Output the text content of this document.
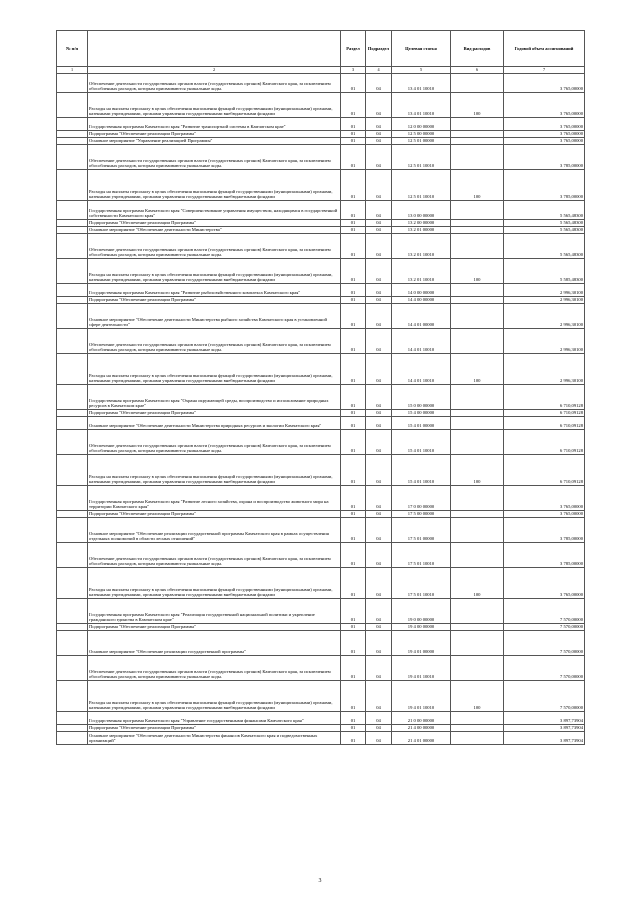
№ п/п		Раздел	Подраздел	Целевая статья	Вид расходов	Годовой объем ассигнований
1	2	3	4	5	6	7
	Обеспечение деятельности государственных органов власти (государственных органов) Камчатского края, за исключением обособленных расходов, которым присваиваются уникальные коды.	01	04	13 4 01 10010		3 765,00000
	Расходы на выплаты персоналу в целях обеспечения выполнения функций государственными (муниципальными) органами, казенными учреждениями, органами управления государственными внебюджетными фондами	01	04	13 4 01 10010	100	3 765,00000
	Государственная программа Камчатского края "Развитие транспортной системы в Камчатском крае"	01	04	12 0 00 00000		3 765,00000
	Подпрограмма "Обеспечение реализации Программы"	01	04	12 5 00 00000		3 765,00000
	Основное мероприятие "Управление реализацией Программы"	01	04	12 5 01 00000		3 765,00000
	Обеспечение деятельности государственных органов власти (государственных органов) Камчатского края, за исключением обособленных расходов, которым присваиваются уникальные коды.	01	04	12 5 01 10010		3 785,00000
	Расходы на выплаты персоналу в целях обеспечения выполнения функций государственными (муниципальными) органами, казенными учреждениями, органами управления государственными внебюджетными фондами	01	04	12 5 01 10010	100	3 785,00000
	Государственная программа Камчатского края "Совершенствование управления имуществом, находящимся в государственной собственности Камчатского края"	01	04	13 0 00 00000		5 565,48300
	Подпрограмма "Обеспечение реализации Программы"	01	04	13 2 00 00000		5 565,48300
	Основное мероприятие "Обеспечение деятельности Министерства"	01	04	13 2 01 00000		5 565,48300
	Обеспечение деятельности государственных органов власти (государственных органов) Камчатского края, за исключением обособленных расходов, которым присваиваются уникальные коды.	01	04	13 2 01 10010		5 565,48300
	Расходы на выплаты персоналу в целях обеспечения выполнения функций государственными (муниципальными) органами, казенными учреждениями, органами управления государственными внебюджетными фондами	01	04	13 2 01 10010	100	5 585,48300
	Государственная программа Камчатского края "Развитие рыбохозяйственного комплекса Камчатского края"	01	04	14 0 00 00000		2 996,30100
	Подпрограмма "Обеспечение реализации Программы"	01	04	14 4 00 00000		2 996,30100
	Основное мероприятие "Обеспечение деятельности Министерства рыбного хозяйства Камчатского края в установленной сфере деятельности"	01	04	14 4 01 00000		2 996,30100
	Обеспечение деятельности государственных органов власти (государственных органов) Камчатского края, за исключением обособленных расходов, которым присваиваются уникальные коды.	01	04	14 4 01 10010		2 996,30100
	Расходы на выплаты персоналу в целях обеспечения выполнения функций государственными (муниципальными) органами, казенными учреждениями, органами управления государственными внебюджетными фондами	01	04	14 4 01 10010	100	2 996,30100
	Государственная программа Камчатского края "Охрана окружающей среды, воспроизводство и использование природных ресурсов в Камчатском крае"	01	04	15 0 00 00000		6 710,09128
	Подпрограмма "Обеспечение реализации Программы"	01	04	15 4 00 00000		6 710,09128
	Основное мероприятие "Обеспечение деятельности Министерства природных ресурсов и экологии Камчатского края"	01	04	15 4 01 00000		6 710,09128
	Обеспечение деятельности государственных органов власти (государственных органов) Камчатского края, за исключением обособленных расходов, которым присваиваются уникальные коды.	01	04	15 4 01 10010		6 710,09128
	Расходы на выплаты персоналу в целях обеспечения выполнения функций государственными (муниципальными) органами, казенными учреждениями, органами управления государственными внебюджетными фондами	01	04	15 4 01 10010	100	6 710,09128
	Государственная программа Камчатского края "Развитие лесного хозяйства, охрана и воспроизводство животного мира на территории Камчатского края"	01	04	17 0 00 00000		3 765,00000
	Подпрограмма "Обеспечение реализации Программы"	01	04	17 5 00 00000		3 765,00000
	Основное мероприятие "Обеспечение реализации государственной программы Камчатского края в рамках осуществления отдельных полномочий в области лесных отношений"	01	04	17 5 01 00000		3 785,00000
	Обеспечение деятельности государственных органов власти (государственных органов) Камчатского края, за исключением обособленных расходов, которым присваиваются уникальные коды.	01	04	17 5 01 10010		3 785,00000
	Расходы на выплаты персоналу в целях обеспечения выполнения функций государственными (муниципальными) органами, казенными учреждениями, органами управления государственными внебюджетными фондами	01	04	17 5 01 10010	100	3 765,00000
	Государственная программа Камчатского края "Реализация государственной национальной политики и укрепление гражданского единства в Камчатском крае"	01	04	19 0 00 00000		7 570,00000
	Подпрограмма "Обеспечение реализации Программы"	01	04	19 4 00 00000		7 570,00000
	Основное мероприятие "Обеспечение реализации государственной программы"	01	04	19 4 01 00000		7 570,00000
	Обеспечение деятельности государственных органов власти (государственных органов) Камчатского края, за исключением обособленных расходов, которым присваиваются уникальные коды.	01	04	19 4 01 10010		7 570,00000
	Расходы на выплаты персоналу в целях обеспечения выполнения функций государственными (муниципальными) органами, казенными учреждениями, органами управления государственными внебюджетными фондами	01	04	19 4 01 10010	100	7 570,00000
	Государственная программа Камчатского края "Управление государственными финансами Камчатского края"	01	04	21 0 00 00000		3 897,73904
	Подпрограмма "Обеспечение реализации Программы"	01	04	21 4 00 00000		3 897,73904
	Основное мероприятие "Обеспечение деятельности Министерства финансов Камчатского края и подведомственных организаций"	01	04	21 4 01 00000		3 897,73904
3
